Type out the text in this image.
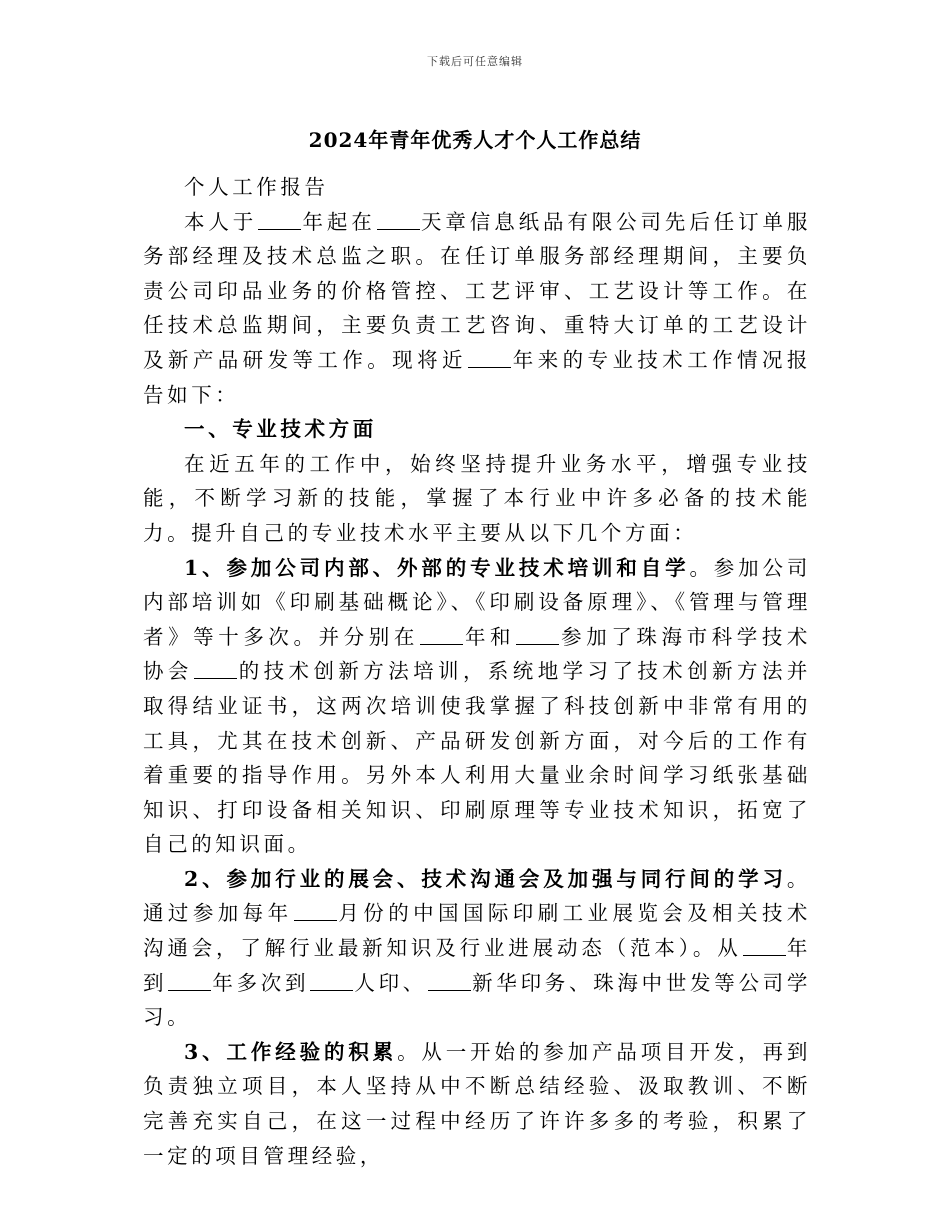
下载后可任意编辑
2024年青年优秀人才个人工作总结

个人工作报告

本人于 年起在 天章信息纸品有限公司先后任订单服务部经理及技术总监之职。在任订单服务部经理期间，主要负责公司印品业务的价格管控、工艺评审、工艺设计等工作。在任技术总监期间，主要负责工艺咨询、重特大订单的工艺设计及新产品研发等工作。现将近 年来的专业技术工作情况报告如下：

一、专业技术方面

在近五年的工作中，始终坚持提升业务水平，增强专业技能，不断学习新的技能，掌握了本行业中许多必备的技术能力。提升自己的专业技术水平主要从以下几个方面：

1、参加公司内部、外部的专业技术培训和自学。参加公司内部培训如《印刷基础概论》、《印刷设备原理》、《管理与管理者》等十多次。并分别在 年和 参加了珠海市科学技术协会 的技术创新方法培训，系统地学习了技术创新方法并取得结业证书，这两次培训使我掌握了科技创新中非常有用的工具，尤其在技术创新、产品研发创新方面，对今后的工作有着重要的指导作用。另外本人利用大量业余时间学习纸张基础知识、打印设备相关知识、印刷原理等专业技术知识，拓宽了自己的知识面。

2、参加行业的展会、技术沟通会及加强与同行间的学习。通过参加每年 月份的中国国际印刷工业展览会及相关技术沟通会，了解行业最新知识及行业进展动态（范本）。从 年到 年多次到 人印、 新华印务、珠海中世发等公司学习。

3、工作经验的积累。从一开始的参加产品项目开发，再到负责独立项目，本人坚持从中不断总结经验、汲取教训、不断完善充实自己，在这一过程中经历了许许多多的考验，积累了一定的项目管理经验，
